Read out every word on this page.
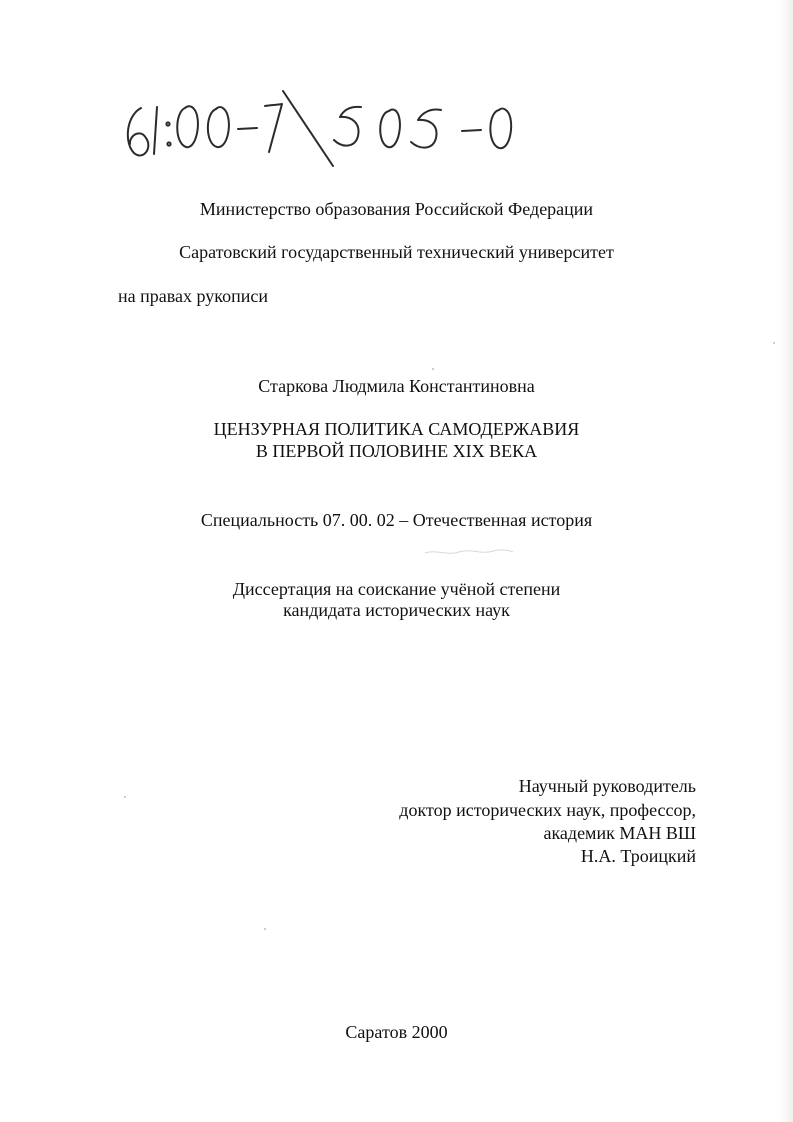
Министерство образования Российской Федерации
Саратовский государственный технический университет
на правах рукописи
Старкова Людмила Константиновна
ЦЕНЗУРНАЯ ПОЛИТИКА САМОДЕРЖАВИЯ
В ПЕРВОЙ ПОЛОВИНЕ XIX ВЕКА
Специальность 07. 00. 02 – Отечественная история
Диссертация на соискание учёной степени
кандидата исторических наук
Научный руководитель
доктор исторических наук, профессор,
академик МАН ВШ
Н.А. Троицкий
Саратов 2000
